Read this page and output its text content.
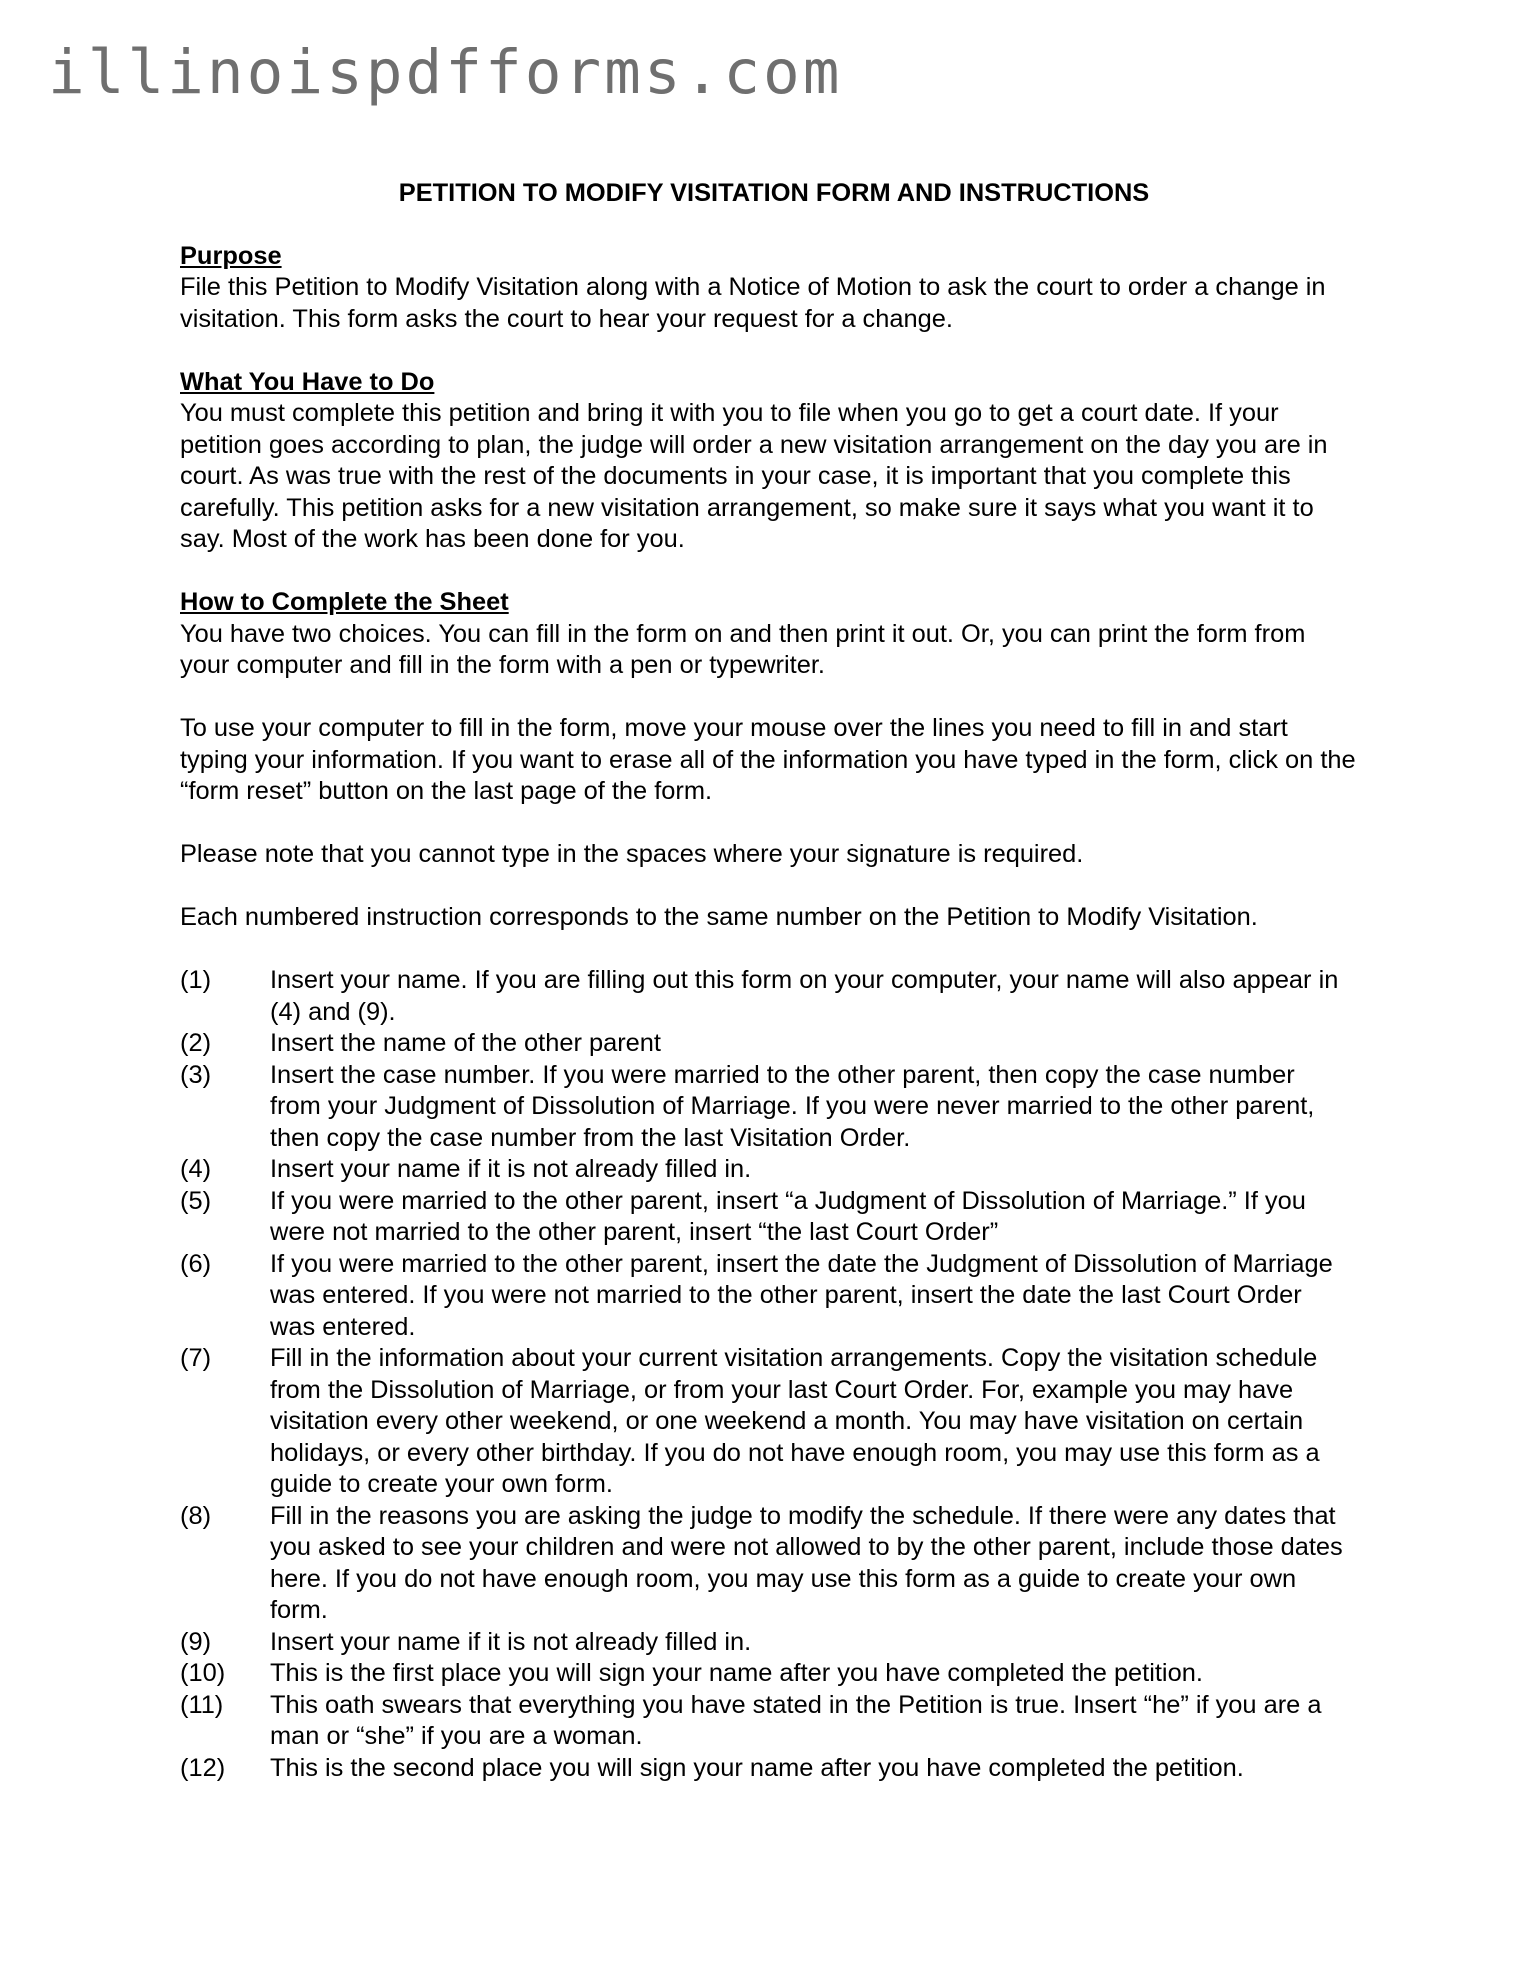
illinoispdfforms.com
PETITION TO MODIFY VISITATION FORM AND INSTRUCTIONS
Purpose
File this Petition to Modify Visitation along with a Notice of Motion to ask the court to order a change in visitation. This form asks the court to hear your request for a change.
What You Have to Do
You must complete this petition and bring it with you to file when you go to get a court date. If your petition goes according to plan, the judge will order a new visitation arrangement on the day you are in court. As was true with the rest of the documents in your case, it is important that you complete this carefully. This petition asks for a new visitation arrangement, so make sure it says what you want it to say. Most of the work has been done for you.
How to Complete the Sheet
You have two choices. You can fill in the form on and then print it out. Or, you can print the form from your computer and fill in the form with a pen or typewriter.
To use your computer to fill in the form, move your mouse over the lines you need to fill in and start typing your information. If you want to erase all of the information you have typed in the form, click on the “form reset” button on the last page of the form.
Please note that you cannot type in the spaces where your signature is required.
Each numbered instruction corresponds to the same number on the Petition to Modify Visitation.
(1)	Insert your name. If you are filling out this form on your computer, your name will also appear in (4) and (9).
(2)	Insert the name of the other parent
(3)	Insert the case number. If you were married to the other parent, then copy the case number from your Judgment of Dissolution of Marriage. If you were never married to the other parent, then copy the case number from the last Visitation Order.
(4)	Insert your name if it is not already filled in.
(5)	If you were married to the other parent, insert “a Judgment of Dissolution of Marriage.” If you were not married to the other parent, insert “the last Court Order”
(6)	If you were married to the other parent, insert the date the Judgment of Dissolution of Marriage was entered. If you were not married to the other parent, insert the date the last Court Order was entered.
(7)	Fill in the information about your current visitation arrangements. Copy the visitation schedule from the Dissolution of Marriage, or from your last Court Order. For, example you may have visitation every other weekend, or one weekend a month. You may have visitation on certain holidays, or every other birthday. If you do not have enough room, you may use this form as a guide to create your own form.
(8)	Fill in the reasons you are asking the judge to modify the schedule. If there were any dates that you asked to see your children and were not allowed to by the other parent, include those dates here. If you do not have enough room, you may use this form as a guide to create your own form.
(9)	Insert your name if it is not already filled in.
(10)	This is the first place you will sign your name after you have completed the petition.
(11)	This oath swears that everything you have stated in the Petition is true. Insert “he” if you are a man or “she” if you are a woman.
(12)	This is the second place you will sign your name after you have completed the petition.
